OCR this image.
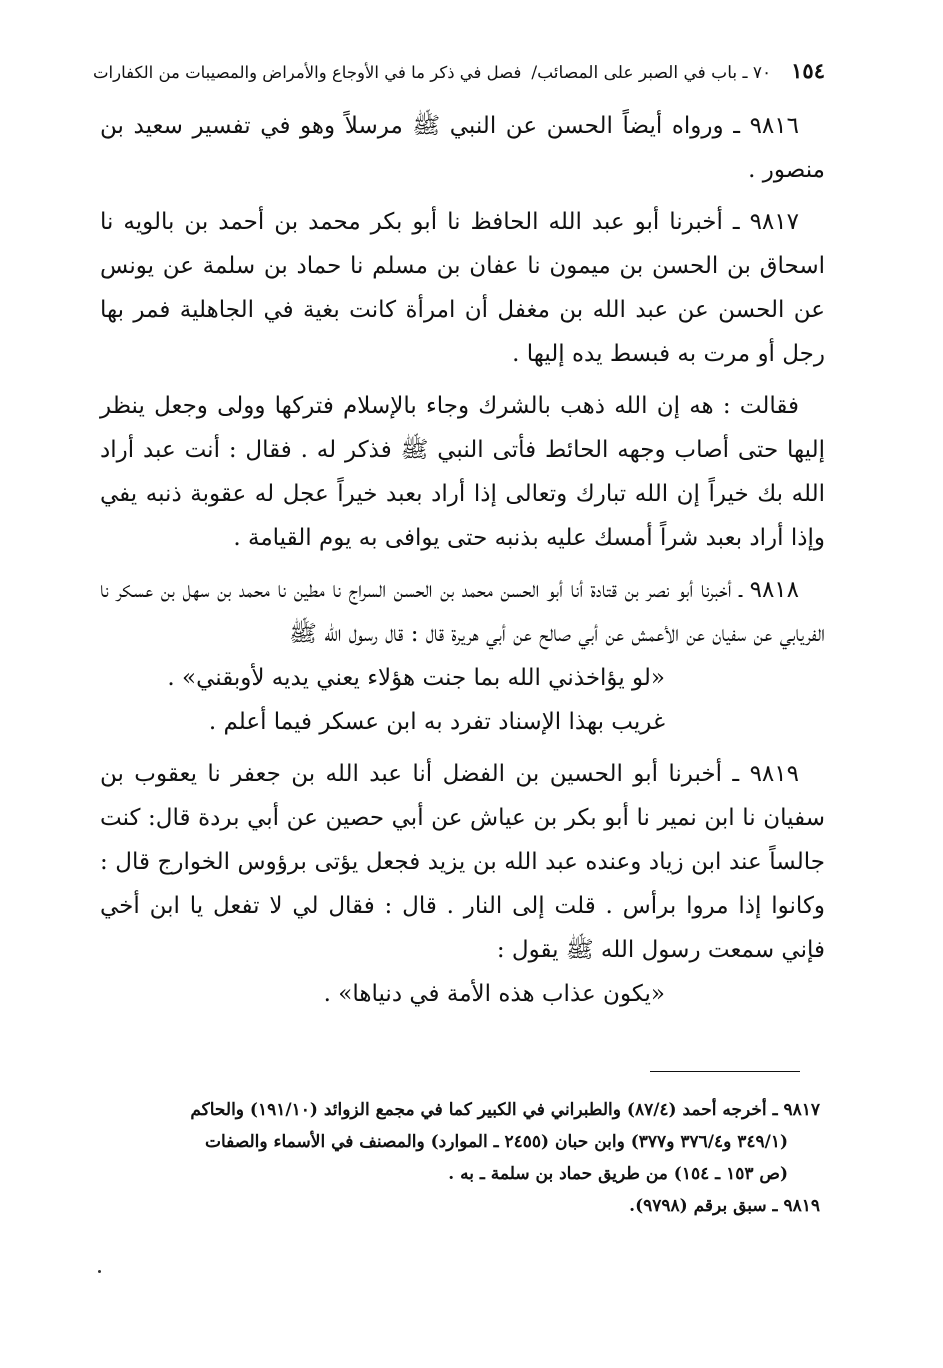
١٥٤
٧٠ ـ باب في الصبر على المصائب/
فصل في ذكر ما في الأوجاع والأمراض والمصيبات من الكفارات

٩٨١٦ ـ ورواه أيضاً الحسن عن النبي ﷺ مرسلاً وهو في تفسير سعيد بن منصور .

٩٨١٧ ـ أخبرنا أبو عبد الله الحافظ نا أبو بكر محمد بن أحمد بن بالويه نا اسحاق بن الحسن بن ميمون نا عفان بن مسلم نا حماد بن سلمة عن يونس عن الحسن عن عبد الله بن مغفل أن امرأة كانت بغية في الجاهلية فمر بها رجل أو مرت به فبسط يده إليها .

فقالت : هه إن الله ذهب بالشرك وجاء بالإسلام فتركها وولى وجعل ينظر إليها حتى أصاب وجهه الحائط فأتى النبي ﷺ فذكر له . فقال : أنت عبد أراد الله بك خيراً إن الله تبارك وتعالى إذا أراد بعبد خيراً عجل له عقوبة ذنبه يفي وإذا أراد بعبد شراً أمسك عليه بذنبه حتى يوافى به يوم القيامة .

٩٨١٨ ـ أخبرنا أبو نصر بن قتادة أنا أبو الحسن محمد بن الحسن السراج نا مطين نا محمد بن سهل بن عسكر نا الفريابي عن سفيان عن الأعمش عن أبي صالح عن أبي هريرة قال : قال رسول الله ﷺ

«لو يؤاخذني الله بما جنت هؤلاء يعني يديه لأوبقني» .

غريب بهذا الإسناد تفرد به ابن عسكر فيما أعلم .

٩٨١٩ ـ أخبرنا أبو الحسين بن الفضل أنا عبد الله بن جعفر نا يعقوب بن سفيان نا ابن نمير نا أبو بكر بن عياش عن أبي حصين عن أبي بردة قال: كنت جالساً عند ابن زياد وعنده عبد الله بن يزيد فجعل يؤتى برؤوس الخوارج قال : وكانوا إذا مروا برأس . قلت إلى النار . قال : فقال لي لا تفعل يا ابن أخي فإني سمعت رسول الله ﷺ يقول :

«يكون عذاب هذه الأمة في دنياها» .

٩٨١٧ ـ أخرجه أحمد (٨٧/٤) والطبراني في الكبير كما في مجمع الزوائد (١٩١/١٠) والحاكم

(٣٤٩/١ و٣٧٦/٤ و٣٧٧) وابن حبان (٢٤٥٥ ـ الموارد) والمصنف في الأسماء والصفات

(ص ١٥٣ ـ ١٥٤) من طريق حماد بن سلمة ـ به .

٩٨١٩ ـ سبق برقم (٩٧٩٨).
